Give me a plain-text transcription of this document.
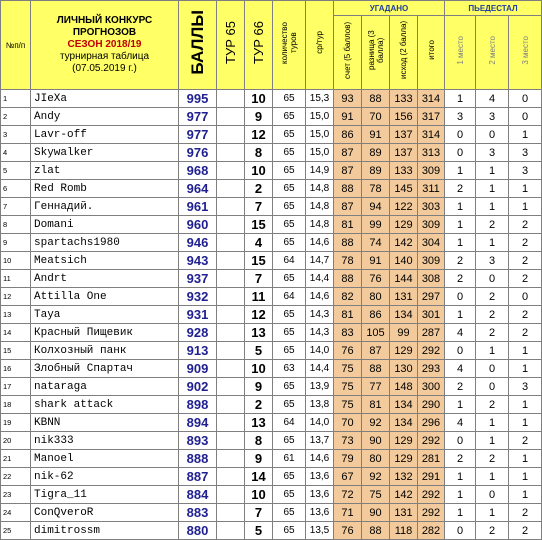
№п/п	ЛИЧНЫЙ КОНКУРС
ПРОГНОЗОВ
СЕЗОН 2018/19
турнирная таблица
(07.05.2019 г.)	БАЛЛЫ	ТУР 65	ТУР 66	количество туров	ср/тур	УГАДАНО				ПЬЕДЕСТАЛ		
							счет (5 баллов)	разница (3 балла)	исход (2 балла)	итого	1 место	2 место	3 место
1	JIeXa	995		10	65	15,3	93	88	133	314	1	4	0
2	Andy	977		9	65	15,0	91	70	156	317	3	3	0
3	Lavr-off	977		12	65	15,0	86	91	137	314	0	0	1
4	Skywalker	976		8	65	15,0	87	89	137	313	0	3	3
5	zlat	968		10	65	14,9	87	89	133	309	1	1	3
6	Red Romb	964		2	65	14,8	88	78	145	311	2	1	1
7	Геннадий.	961		7	65	14,8	87	94	122	303	1	1	1
8	Domani	960		15	65	14,8	81	99	129	309	1	2	2
9	spartachs1980	946		4	65	14,6	88	74	142	304	1	1	2
10	Meatsich	943		15	64	14,7	78	91	140	309	2	3	2
11	Andrt	937		7	65	14,4	88	76	144	308	2	0	2
12	Attilla One	932		11	64	14,6	82	80	131	297	0	2	0
13	Taya	931		12	65	14,3	81	86	134	301	1	2	2
14	Красный Пищевик	928		13	65	14,3	83	105	99	287	4	2	2
15	Колхозный панк	913		5	65	14,0	76	87	129	292	0	1	1
16	Злобный Спартач	909		10	63	14,4	75	88	130	293	4	0	1
17	nataraga	902		9	65	13,9	75	77	148	300	2	0	3
18	shark attack	898		2	65	13,8	75	81	134	290	1	2	1
19	KBNN	894		13	64	14,0	70	92	134	296	4	1	1
20	nik333	893		8	65	13,7	73	90	129	292	0	1	2
21	Manoel	888		9	61	14,6	79	80	129	281	2	2	1
22	nik-62	887		14	65	13,6	67	92	132	291	1	1	1
23	Tigra_11	884		10	65	13,6	72	75	142	292	1	0	1
24	ConQveroR	883		7	65	13,6	71	90	131	292	1	1	2
25	dimitrossm	880		5	65	13,5	76	88	118	282	0	2	2
